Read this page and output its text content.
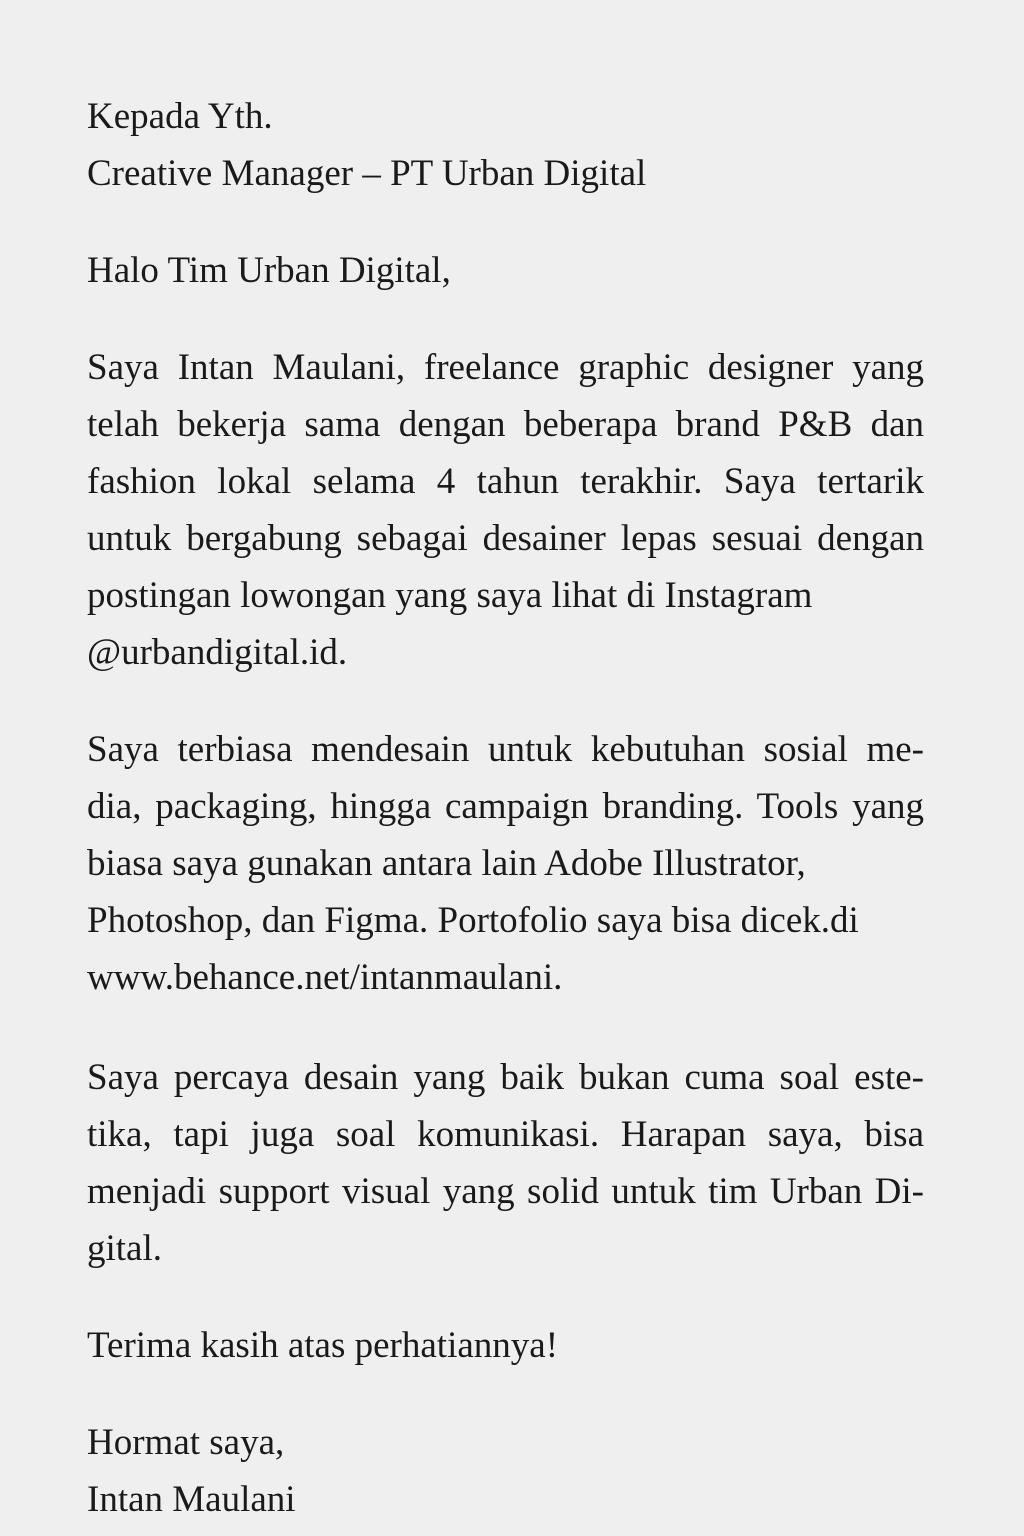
Kepada Yth.
Creative Manager – PT Urban Digital
Halo Tim Urban Digital,
Saya Intan Maulani, freelance graphic designer yang
telah bekerja sama dengan beberapa brand P&B dan
fashion lokal selama 4 tahun terakhir. Saya tertarik
untuk bergabung sebagai desainer lepas sesuai dengan
postingan lowongan yang saya lihat di Instagram
@urbandigital.id.
Saya terbiasa mendesain untuk kebutuhan sosial me-
dia, packaging, hingga campaign branding. Tools yang
biasa saya gunakan antara lain Adobe Illustrator,
Photoshop, dan Figma. Portofolio saya bisa dicek.di
www.behance.net/intanmaulani.
Saya percaya desain yang baik bukan cuma soal este-
tika, tapi juga soal komunikasi. Harapan saya, bisa
menjadi support visual yang solid untuk tim Urban Di-
gital.
Terima kasih atas perhatiannya!
Hormat saya,
Intan Maulani
